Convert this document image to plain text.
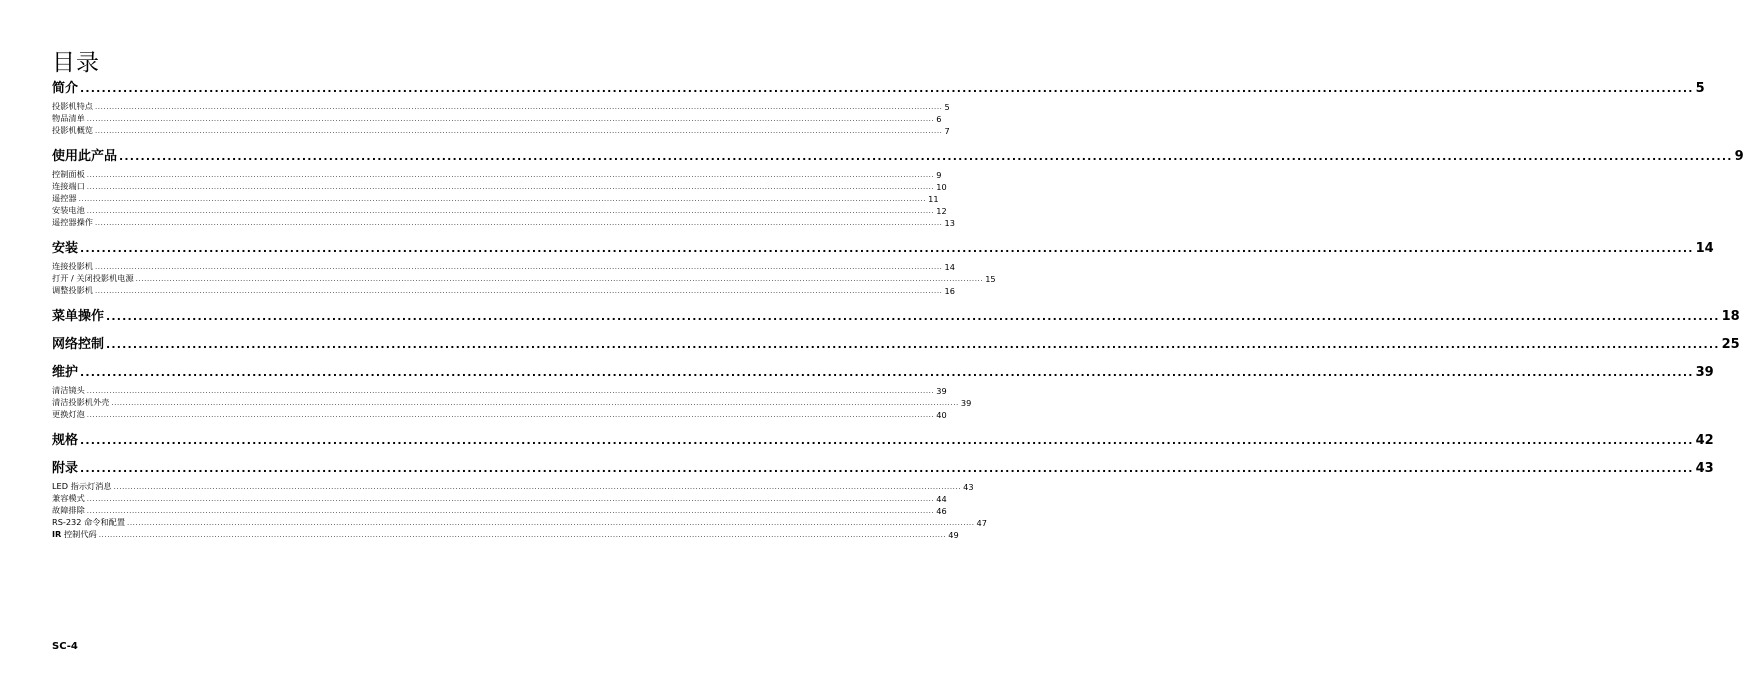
目录
简介 ............................................................................................................................................................................................................................................................................................................ 5
投影机特点 ............................................................................................................................................................................................................................................................................................................ 5
物品清单 ............................................................................................................................................................................................................................................................................................................ 6
投影机概览 ............................................................................................................................................................................................................................................................................................................ 7
使用此产品 ............................................................................................................................................................................................................................................................................................................ 9
控制面板 ............................................................................................................................................................................................................................................................................................................ 9
连接端口 ............................................................................................................................................................................................................................................................................................................ 10
遥控器 ............................................................................................................................................................................................................................................................................................................ 11
安装电池 ............................................................................................................................................................................................................................................................................................................ 12
遥控器操作 ............................................................................................................................................................................................................................................................................................................ 13
安装 ............................................................................................................................................................................................................................................................................................................ 14
连接投影机 ............................................................................................................................................................................................................................................................................................................ 14
打开 / 关闭投影机电源 ............................................................................................................................................................................................................................................................................................................ 15
调整投影机 ............................................................................................................................................................................................................................................................................................................ 16
菜单操作 ............................................................................................................................................................................................................................................................................................................ 18
网络控制 ............................................................................................................................................................................................................................................................................................................ 25
维护 ............................................................................................................................................................................................................................................................................................................ 39
清洁镜头 ............................................................................................................................................................................................................................................................................................................ 39
清洁投影机外壳 ............................................................................................................................................................................................................................................................................................................ 39
更换灯泡 ............................................................................................................................................................................................................................................................................................................ 40
规格 ............................................................................................................................................................................................................................................................................................................ 42
附录 ............................................................................................................................................................................................................................................................................................................ 43
LED 指示灯消息 ............................................................................................................................................................................................................................................................................................................ 43
兼容模式 ............................................................................................................................................................................................................................................................................................................ 44
故障排除 ............................................................................................................................................................................................................................................................................................................ 46
RS-232 命令和配置 ............................................................................................................................................................................................................................................................................................................ 47
IR 控制代码 ............................................................................................................................................................................................................................................................................................................ 49
SC-4
